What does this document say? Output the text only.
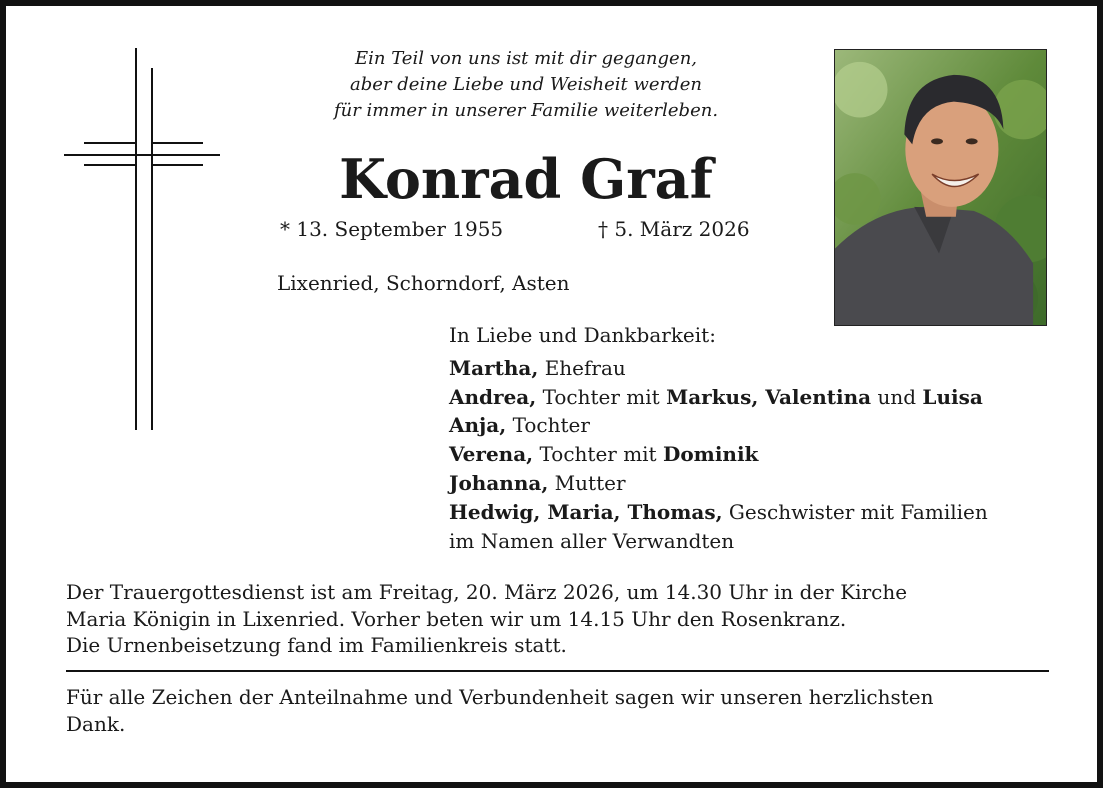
Ein Teil von uns ist mit dir gegangen,
aber deine Liebe und Weisheit werden
für immer in unserer Familie weiterleben.
Konrad Graf
* 13. September 1955	† 5. März 2026
Lixenried, Schorndorf, Asten
In Liebe und Dankbarkeit:
Martha, Ehefrau
Andrea, Tochter mit Markus, Valentina und Luisa
Anja, Tochter
Verena, Tochter mit Dominik
Johanna, Mutter
Hedwig, Maria, Thomas, Geschwister mit Familien
im Namen aller Verwandten
Der Trauergottesdienst ist am Freitag, 20. März 2026, um 14.30 Uhr in der Kirche
Maria Königin in Lixenried. Vorher beten wir um 14.15 Uhr den Rosenkranz.
Die Urnenbeisetzung fand im Familienkreis statt.
Für alle Zeichen der Anteilnahme und Verbundenheit sagen wir unseren herzlichsten
Dank.
